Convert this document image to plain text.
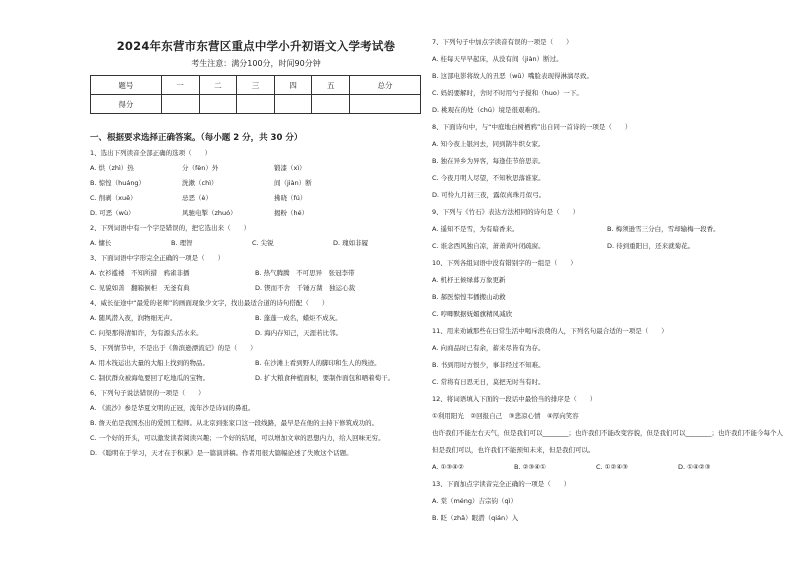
2024年东营市东营区重点中学小升初语文入学考试卷
考生注意：满分100分，时间90分钟
题号	一	二	三	四	五	总分
得分						
一、根据要求选择正确答案。（每小题 2 分，共 30 分）
1、选出下列读音全部正确的选项（　　）
A. 烘（zhì）热	分（fèn）外	锻漆（xì）
B. 惊惶（huáng）	洗漱（chì）	间（jiàn）断
C. 削剥（xuē）	忌恶（è）	拂晓（fú）
D. 可恶（wù）	风驰电掣（zhuó）	揭粉（hé）
2、下列词语中有一个字是错误的，把它选出来（　　）
A. 慵长	B. 理智	C. 尖锐	D. 瑰如非履
3、下面词语中字形完全正确的一项是（　　）
A. 衣衫褴褛　不知所措　鸦雀非播	B. 热气腾腾　不可思异　张冠李带
C. 见貌如善　翻箱倒柜　无釜有典	D. 锲而不舍　千锤万凿　独运心裁
4、威长征途中“最爱的老师”的画面现象少文字，找出最适合道的诗句搭配（　　）
A. 随风潜入夜，润物细无声。	B. 蓬蓬一成名，蜡炬不成灰。
C. 问渠那得清如许，为有源头活水来。	D. 海内存知己，天涯若比邻。
5、下列情节中，不是出于《鲁滨逊漂流记》的是（　　）
A. 用木筏运出大量的大船上找到的物品。	B. 在沙滩上看到野人的脚印和生人的残迹。
C. 制伏群众被海龟要回了吃地瓜的宝物。	D. 扩大粮食种植面积，要制作面包和晒着萄干。
6、下列句子说法错误的一项是（　　）
A. 《流沙》参是华夏文明的正冠，流年沙是诗词的鼻祖。
B. 詹天佑是我国杰出的爱国工程师。从北京到张家口这一段线路，最早是在他的主持下修筑成功的。
C. 一个好的开头，可以激发读者阅读兴趣；一个好的结尾，可以增加文章的思想内力，给人回味无穷。
D. 《聪明在于学习，天才在于积累》是一篇演讲稿。作者用很大篇幅论述了失败这个话题。
7、下列句子中加点字读音有误的一项是（　　）
A. 桂每天早早起床，从没有间（jiàn）断过。
B. 这部电影将故人的丑恶（wū）嘴脸表现得淋漓尽致。
C. 妈妈要解时，舍时不时用勺子搅和（huo）一下。
D. 桃观在的处（chū）境是很艰难的。
8、下面诗句中，与“中庭地白树栖鸦”出自同一首诗的一项是（　　）
A. 知今夜上银河去，同到鹊牛织女家。
B. 独在异乡为异客，每逢佳节倍思亲。
C. 今夜月明人尽望，不知秋思落谁家。
D. 可怜九月初三夜，露似真珠月似弓。
9、下列与《竹石》表达方法相同的诗句是（　　）
A. 遥知不是雪，为有暗香来。	B. 梅须逊雪三分白，雪却输梅一段香。
C. 谁念西风独自凉，萧萧黄叶闭疏窗。	D. 待到重阳日，还来就菊花。
10、下列各组词语中没有错别字的一组是（　　）
A. 机杼王候绿暮万象更新
B. 郝医惊惶韦播搬山动救
C. 哼唧默据妩媚旗精风减欣
11、用来劝诫那些在日常生活中喝斥浪费的人，下列名句最合适的一项是（　　）
A. 向商品时已有余，蓄来尽皆有为存。
B. 书到用时方恨少，事非经过不知难。
C. 常将有日思无日，莫把无时当有时。
12、将词语填入下面的一段话中最恰当的排序是（　　）
①利用阳光　②回报自己　③悲凉心情　④厚向笑容
也许我们不能左右天气，但是我们可以________；也许我们不能改变容貌，但是我们可以________；也许我们不能今每个人
但是我们可以，也许我们不能预知未来，但是我们可以。
A. ①③④②	B. ②③④①	C. ①②④③	D. ①④②③
13、下面加点字读音完全正确的一项是（　　）
A. 棠（méng）吉宗钧（qì）
B. 眨（zhǎ）眼潜（qián）入
